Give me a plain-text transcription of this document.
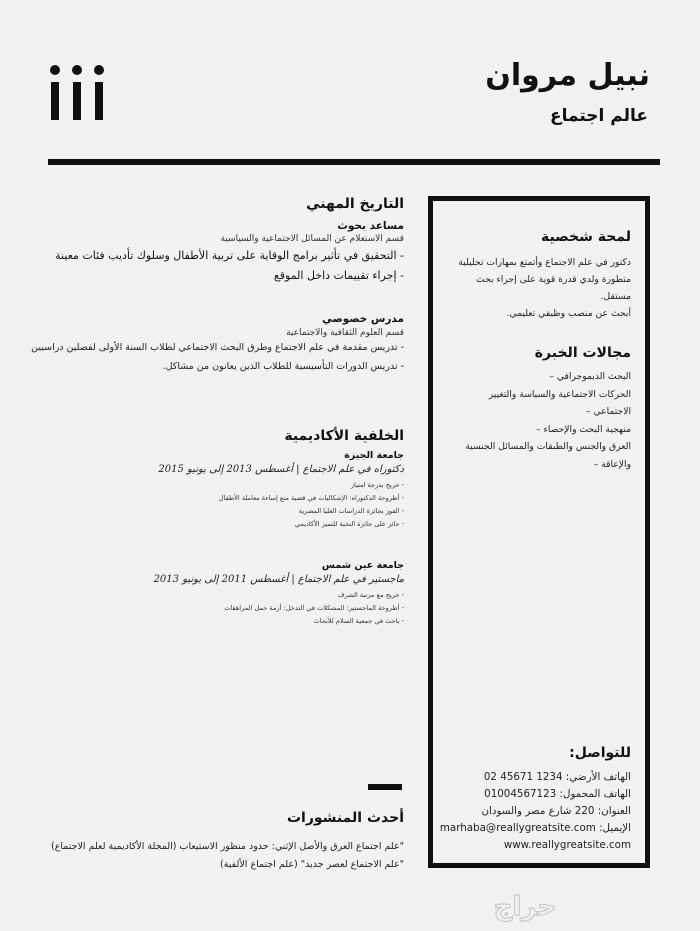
نبيل مروان
عالم اجتماع

لمحة شخصية

دكتور في علم الاجتماع وأتمتع بمهارات تحليلية

متطورة ولدي قدرة قوية على إجراء بحث مستقل.

أبحث عن منصب وظيفي تعليمي.

مجالات الخبرة

البحث الديموجرافي –
الحركات الاجتماعية والسياسة والتغيير الاجتماعي –
منهجية البحث والإحصاء –
العرق والجنس والطبقات والمسائل الجنسية والإعاقة –

للتواصل:

الهاتف الأرضي: 1234 45671 02
الهاتف المحمول: 01004567123
العنوان: 220 شارع مصر والسودان
الإيميل: marhaba@reallygreatsite.com
www.reallygreatsite.com

التاريخ المهني

مساعد بحوث

قسم الاستعلام عن المسائل الاجتماعية والسياسية

- التحقيق في تأثير برامج الوقاية على تربية الأطفال وسلوك تأديب فئات معينة
- إجراء تقييمات داخل الموقع

مدرس خصوصي

قسم العلوم الثقافية والاجتماعية

- تدريس مقدمة في علم الاجتماع وطرق البحث الاجتماعي لطلاب السنة الأولى لفصلين دراسيين
- تدريس الدورات التأسيسية للطلاب الذين يعانون من مشاكل.

الخلفية الأكاديمية

جامعة الجيزة

دكتوراه في علم الاجتماع | أغسطس 2013 إلى يونيو 2015

- خريج بدرجة امتياز
- أطروحة الدكتوراه: الإشكاليات في قضية منع إساءة معاملة الأطفال
- الفوز بجائزة الدراسات العليا المصرية
- حائز على جائزة النخبة للتميز الأكاديمي

جامعة عين شمس

ماجستير في علم الاجتماع | أغسطس 2011 إلى يونيو 2013

- خريج مع مرتبة الشرف
- أطروحة الماجستير: المشكلات في التدخل: أزمة حمل المراهقات
- باحث في جمعية السلام للأبحاث

أحدث المنشورات

"علم اجتماع العرق والأصل الإثني: حدود منظور الاستيعاب (المجلة الأكاديمية لعلم الاجتماع)

"علم الاجتماع لعصر جديد" (علم اجتماع الألفية)

حراج
